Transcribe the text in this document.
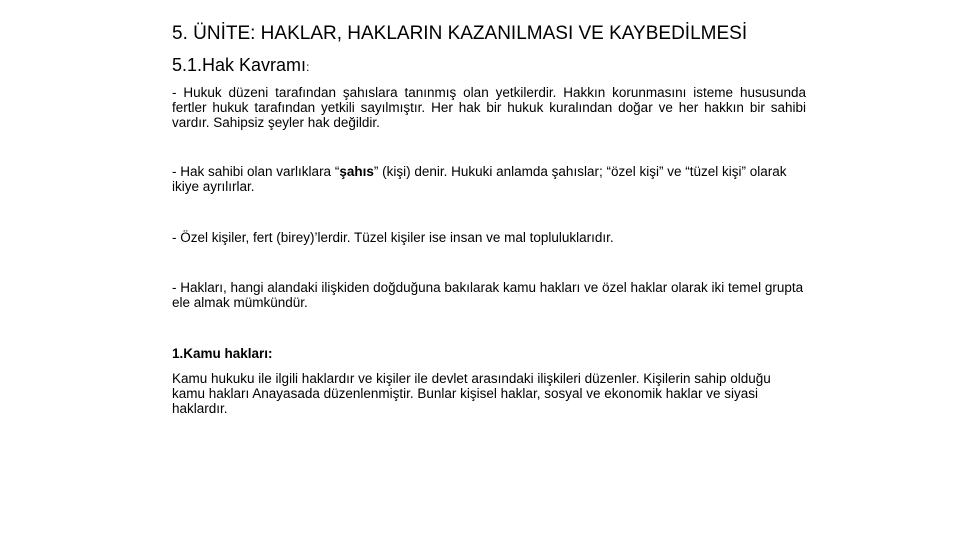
5. ÜNİTE: HAKLAR, HAKLARIN KAZANILMASI VE KAYBEDİLMESİ
5.1.Hak Kavramı:
- Hukuk düzeni tarafından şahıslara tanınmış olan yetkilerdir. Hakkın korunmasını isteme hususunda fertler hukuk tarafından yetkili sayılmıştır. Her hak bir hukuk kuralından doğar ve her hakkın bir sahibi vardır. Sahipsiz şeyler hak değildir.
- Hak sahibi olan varlıklara “şahıs” (kişi) denir. Hukuki anlamda şahıslar; “özel kişi” ve “tüzel kişi” olarak ikiye ayrılırlar.
- Özel kişiler, fert (birey)’lerdir. Tüzel kişiler ise insan ve mal topluluklarıdır.
- Hakları, hangi alandaki ilişkiden doğduğuna bakılarak kamu hakları ve özel haklar olarak iki temel grupta ele almak mümkündür.
1.Kamu hakları:
Kamu hukuku ile ilgili haklardır ve kişiler ile devlet arasındaki ilişkileri düzenler. Kişilerin sahip olduğu kamu hakları Anayasada düzenlenmiştir. Bunlar kişisel haklar, sosyal ve ekonomik haklar ve siyasi haklardır.
